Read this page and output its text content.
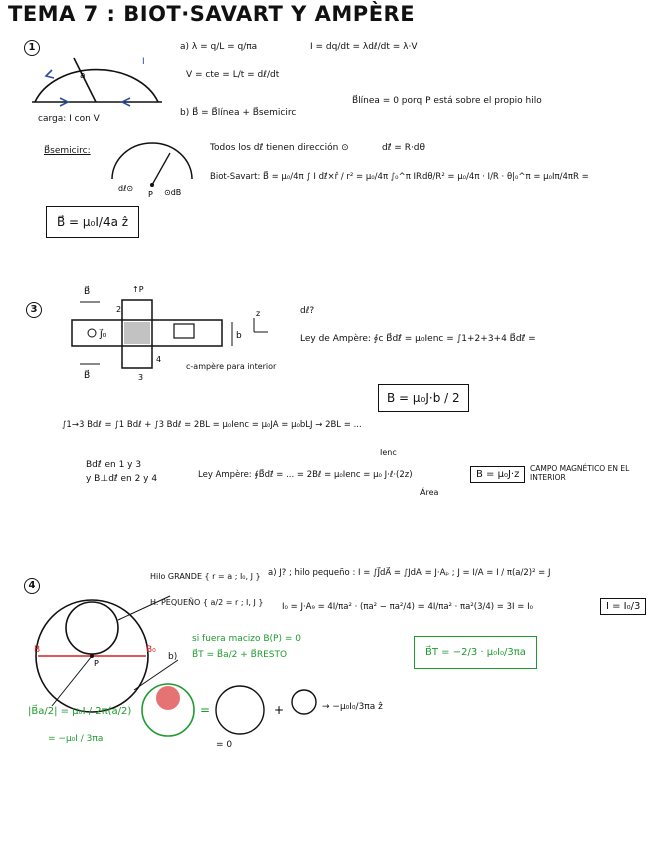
TEMA 7 : BIOT·SAVART Y AMPÈRE
1
a
I
carga: I con V
a) λ = q/L = q/πa	I = dq/dt = λdℓ/dt = λ·V
V = cte = L/t = dℓ/dt
b) B⃗ = B⃗línea + B⃗semicirc
B⃗línea = 0 porq P está sobre el propio hilo
B⃗semicirc:
P
dℓ⊙	⊙dB
Todos los dℓ⃗ tienen dirección ⊙	dℓ⃗ = R·dθ
Biot-Savart: B⃗ = μ₀/4π ∫ I dℓ⃗×r̂ / r² = μ₀/4π ∫₀^π IRdθ/R² = μ₀/4π · I/R · θ|₀^π = μ₀Iπ/4πR =
B⃗ = μ₀I/4a ẑ
3
J⃗₀	b
B⃗
B⃗
↑P
2
4
3
z
c-ampère para interior
dℓ?
Ley de Ampère: ∮c B⃗dℓ⃗ = μ₀Ienc = ∫1+2+3+4 B⃗dℓ⃗ =
∫1→3 Bdℓ = ∫1 Bdℓ + ∫3 Bdℓ = 2BL = μ₀Ienc = μ₀JA = μ₀bLJ → 2BL = ...
B = μ₀J·b / 2
Bdℓ⃗ en 1 y 3
y B⊥dℓ⃗ en 2 y 4
Ienc
Ley Ampère: ∮B⃗dℓ⃗ = ... = 2Bℓ = μ₀Ienc = μ₀ J·ℓ·(2z)
Área
B = μ₀J·z
CAMPO MAGNÉTICO EN EL INTERIOR
4
B	B₀
P
Hilo GRANDE { r = a ; I₀, J }
H. PEQUEÑO { a/2 = r ; I, J }
a) J? ; hilo pequeño : I = ∫J⃗dA⃗ = ∫JdA = J·Aₚ ; J = I/A = I / π(a/2)² = J
I₀ = J·A₉ = 4I/πa² · (πa² − πa²/4) = 4I/πa² · πa²(3/4) = 3I = I₀	I = I₀/3
b)
si fuera macizo B(P) = 0
B⃗T = B⃗a/2 + B⃗RESTO	B⃗T = −2/3 · μ₀I₀/3πa
=	+
= 0
→ −μ₀I₀/3πa ẑ
|B⃗a/2| = μ₀I / 2π(a/2)
= −μ₀I / 3πa
